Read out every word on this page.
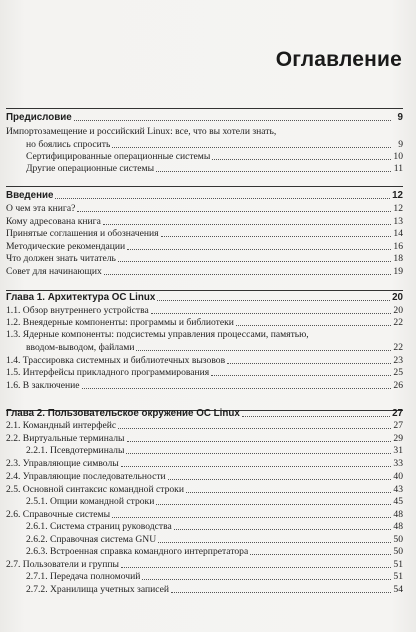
Оглавление
Предисловие	9
Импортозамещение и российский Linux: все, что вы хотели знать,
но боялись спросить	9
Сертифицированные операционные системы	10
Другие операционные системы	11
Введение	12
О чем эта книга?	12
Кому адресована книга	13
Принятые соглашения и обозначения	14
Методические рекомендации	16
Что должен знать читатель	18
Совет для начинающих	19
Глава 1. Архитектура ОС Linux	20
1.1. Обзор внутреннего устройства	20
1.2. Внеядерные компоненты: программы и библиотеки	22
1.3. Ядерные компоненты: подсистемы управления процессами, памятью,
вводом-выводом, файлами	22
1.4. Трассировка системных и библиотечных вызовов	23
1.5. Интерфейсы прикладного программирования	25
1.6. В заключение	26
Глава 2. Пользовательское окружение ОС Linux	27
2.1. Командный интерфейс	27
2.2. Виртуальные терминалы	29
2.2.1. Псевдотерминалы	31
2.3. Управляющие символы	33
2.4. Управляющие последовательности	40
2.5. Основной синтаксис командной строки	43
2.5.1. Опции командной строки	45
2.6. Справочные системы	48
2.6.1. Система страниц руководства	48
2.6.2. Справочная система GNU	50
2.6.3. Встроенная справка командного интерпретатора	50
2.7. Пользователи и группы	51
2.7.1. Передача полномочий	51
2.7.2. Хранилища учетных записей	54
